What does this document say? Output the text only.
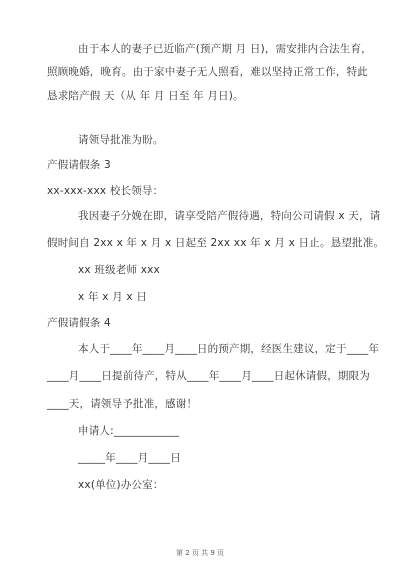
由于本人的妻子已近临产(预产期 月 日)，需安排内合法生育，
照顾晚婚，晚育。由于家中妻子无人照看，难以坚持正常工作，特此
恳求陪产假 天（从 年 月 日至 年 月日)。
请领导批准为盼。
产假请假条 3
xx-xxx-xxx 校长领导：
我因妻子分娩在即，请享受陪产假待遇，特向公司请假 x 天，请
假时间自 2xx x 年 x 月 x 日起至 2xx xx 年 x 月 x 日止。恳望批准。
xx 班级老师 xxx
x 年 x 月 x 日
产假请假条 4
本人于____年____月____日的预产期，经医生建议，定于____年
____月____日提前待产，特从____年____月____日起休请假，期限为
____天，请领导予批准，感谢！
申请人:____________
_____年____月____日
xx(单位)办公室：
第 2 页 共 9 页
